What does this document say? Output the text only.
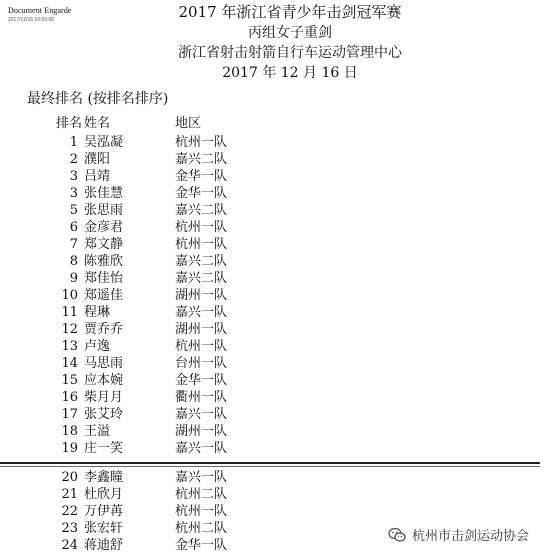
Document Engarde
2017/12/16 10:03:00	2017 年浙江省青少年击剑冠军赛
丙组女子重剑
浙江省射击射箭自行车运动管理中心
2017 年 12 月 16 日
最终排名 (按排名排序)
排名 姓名	地区
1 吴泓凝	杭州一队
2 濮阳	嘉兴二队
3 吕靖	金华一队
3 张佳慧	金华一队
5 张思雨	嘉兴二队
6 金彦君	杭州一队
7 郑文静	杭州一队
8 陈雅欣	嘉兴二队
9 郑佳怡	嘉兴二队
10 郑遥佳	湖州一队
11 程琳	嘉兴一队
12 贾乔乔	湖州一队
13 卢逸	杭州一队
14 马思雨	台州一队
15 应本婉	金华一队
16 柴月月	衢州一队
17 张艾玲	嘉兴一队
18 王溢	湖州一队
19 庄一笑	嘉兴一队
20 李鑫瞳	嘉兴一队
21 杜欣月	杭州二队
22 万伊苒	杭州一队
23 张宏轩	杭州二队
24 蒋迪舒	金华一队
杭州市击剑运动协会
